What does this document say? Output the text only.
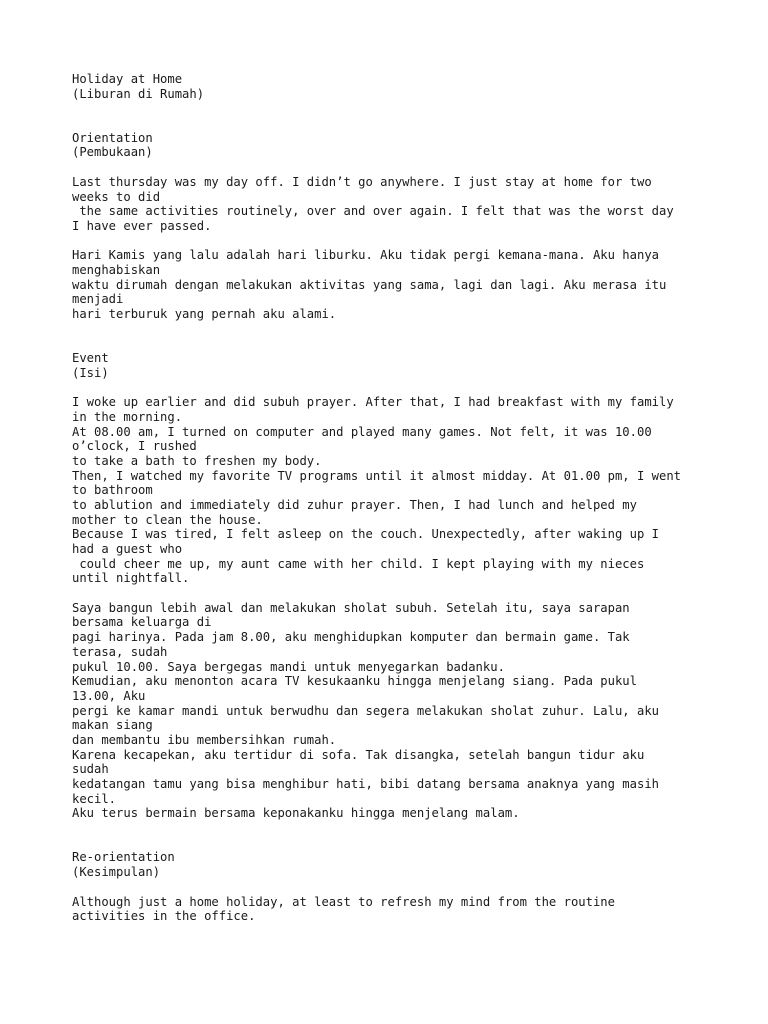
Holiday at Home
(Liburan di Rumah)
Orientation
(Pembukaan)
Last thursday was my day off. I didn’t go anywhere. I just stay at home for two
weeks to did
the same activities routinely, over and over again. I felt that was the worst day
I have ever passed.
Hari Kamis yang lalu adalah hari liburku. Aku tidak pergi kemana-mana. Aku hanya
menghabiskan
waktu dirumah dengan melakukan aktivitas yang sama, lagi dan lagi. Aku merasa itu
menjadi
hari terburuk yang pernah aku alami.
Event
(Isi)
I woke up earlier and did subuh prayer. After that, I had breakfast with my family
in the morning.
At 08.00 am, I turned on computer and played many games. Not felt, it was 10.00
o’clock, I rushed
to take a bath to freshen my body.
Then, I watched my favorite TV programs until it almost midday. At 01.00 pm, I went
to bathroom
to ablution and immediately did zuhur prayer. Then, I had lunch and helped my
mother to clean the house.
Because I was tired, I felt asleep on the couch. Unexpectedly, after waking up I
had a guest who
could cheer me up, my aunt came with her child. I kept playing with my nieces
until nightfall.
Saya bangun lebih awal dan melakukan sholat subuh. Setelah itu, saya sarapan
bersama keluarga di
pagi harinya. Pada jam 8.00, aku menghidupkan komputer dan bermain game. Tak
terasa, sudah
pukul 10.00. Saya bergegas mandi untuk menyegarkan badanku.
Kemudian, aku menonton acara TV kesukaanku hingga menjelang siang. Pada pukul
13.00, Aku
pergi ke kamar mandi untuk berwudhu dan segera melakukan sholat zuhur. Lalu, aku
makan siang
dan membantu ibu membersihkan rumah.
Karena kecapekan, aku tertidur di sofa. Tak disangka, setelah bangun tidur aku
sudah
kedatangan tamu yang bisa menghibur hati, bibi datang bersama anaknya yang masih
kecil.
Aku terus bermain bersama keponakanku hingga menjelang malam.
Re-orientation
(Kesimpulan)
Although just a home holiday, at least to refresh my mind from the routine
activities in the office.
